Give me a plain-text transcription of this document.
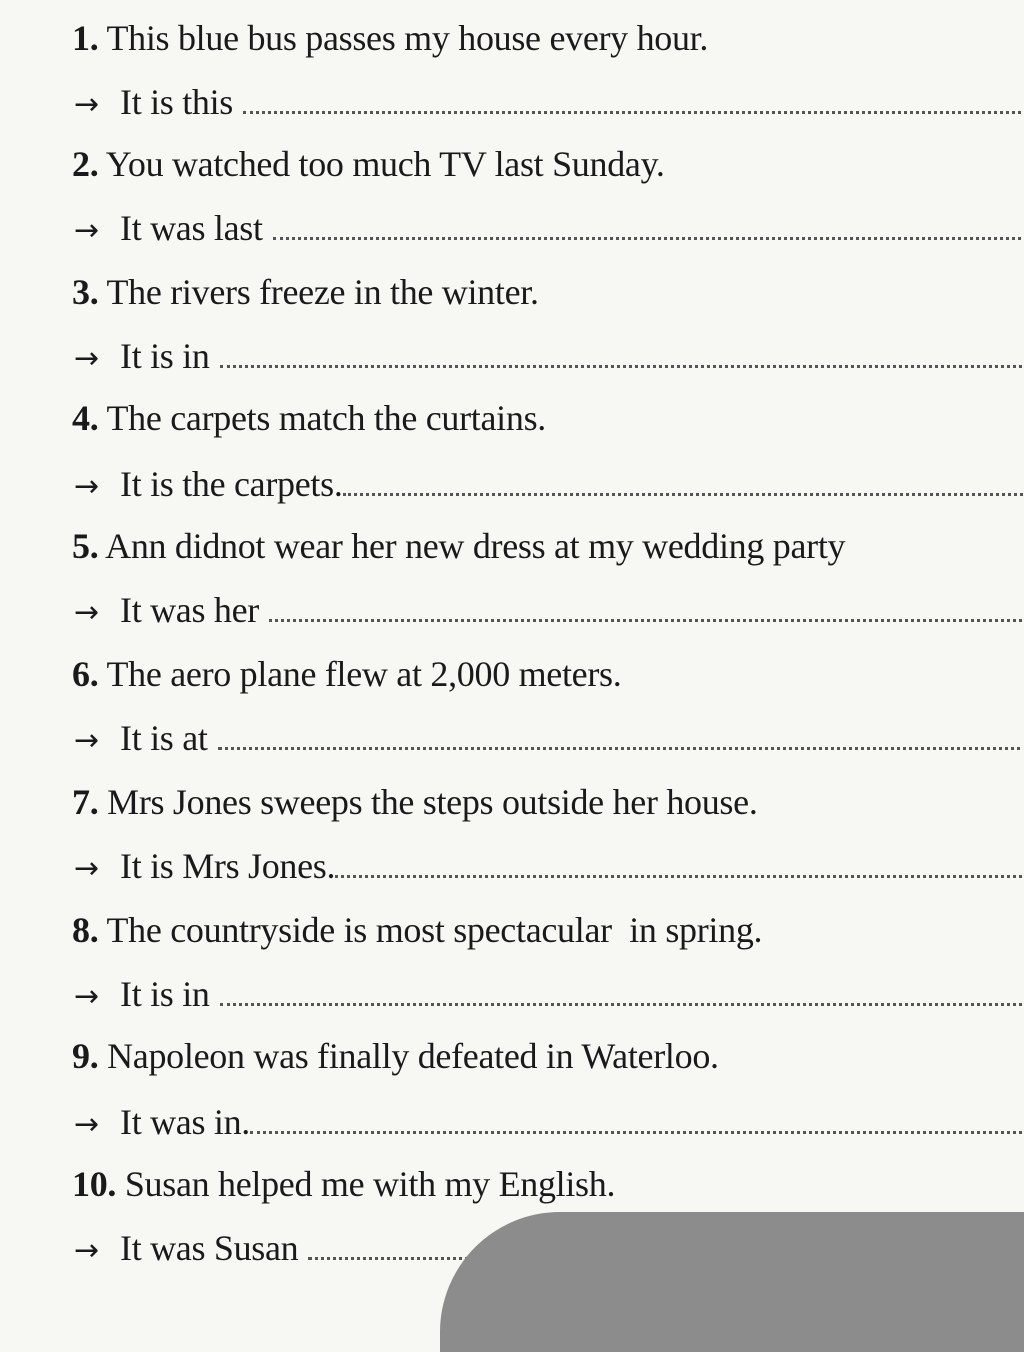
1. This blue bus passes my house every hour.
→ It is this
2. You watched too much TV last Sunday.
→ It was last
3. The rivers freeze in the winter.
→ It is in
4. The carpets match the curtains.
→ It is the carpets.
5. Ann didnot wear her new dress at my wedding party
→ It was her
6. The aero plane flew at 2,000 meters.
→ It is at
7. Mrs Jones sweeps the steps outside her house.
→ It is Mrs Jones.
8. The countryside is most spectacular  in spring.
→ It is in
9. Napoleon was finally defeated in Waterloo.
→ It was in.
10. Susan helped me with my English.
→ It was Susan
